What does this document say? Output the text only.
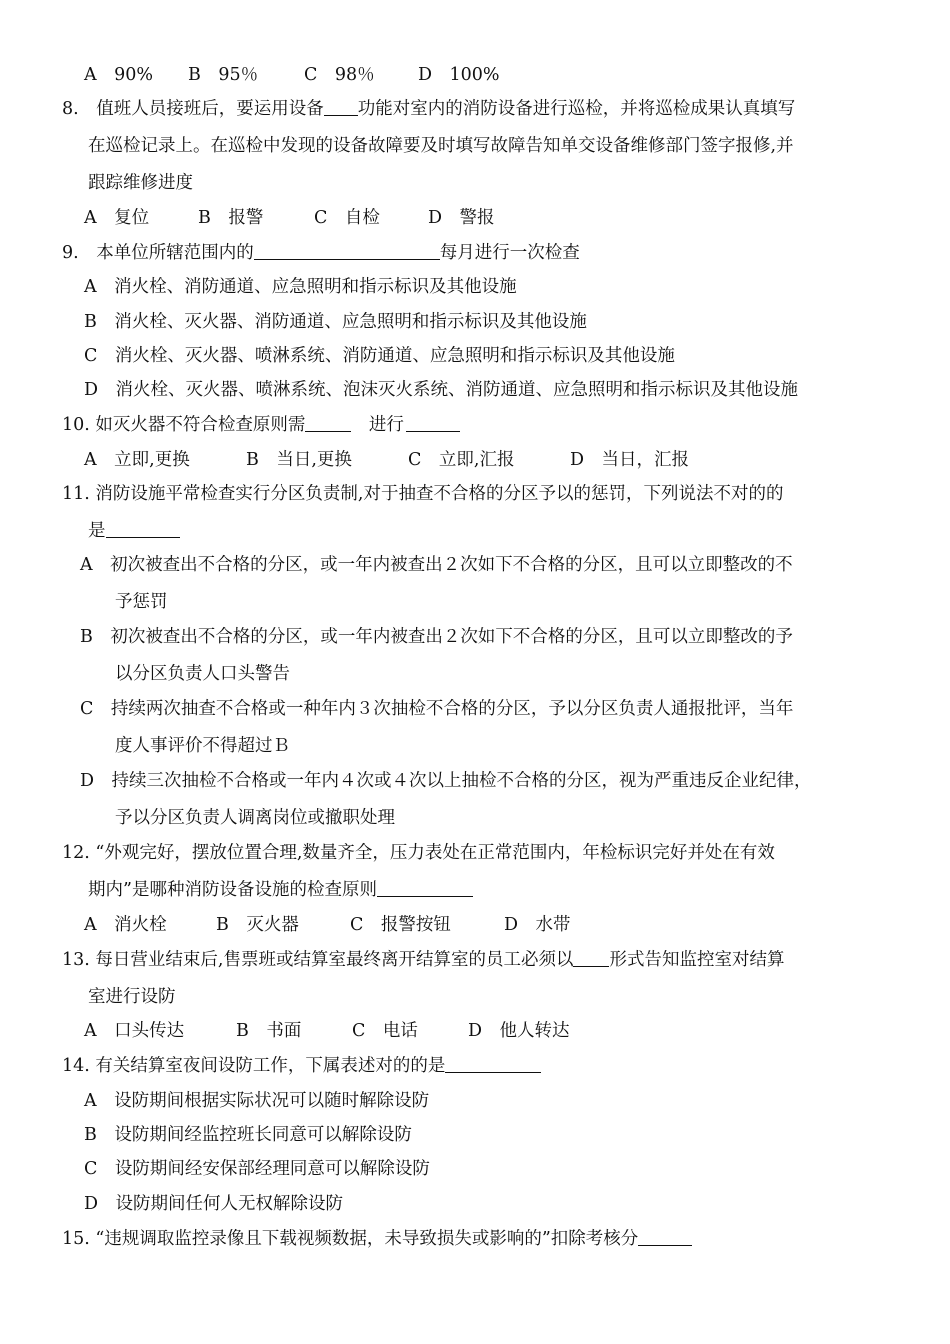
A　90% B　95％	C　98％ D　100%
8.　值班人员接班后，要运用设备 功能对室内的消防设备进行巡检，并将巡检成果认真填写
在巡检记录上。在巡检中发现的设备故障要及时填写故障告知单交设备维修部门签字报修,并
跟踪维修进度
A　复位	B　报警	C　自检	D　警报
9.　本单位所辖范围内的	每月进行一次检查
A　消火栓、消防通道、应急照明和指示标识及其他设施
B　消火栓、灭火器、消防通道、应急照明和指示标识及其他设施
C　消火栓、灭火器、喷淋系统、消防通道、应急照明和指示标识及其他设施
D　消火栓、灭火器、喷淋系统、泡沫灭火系统、消防通道、应急照明和指示标识及其他设施
10. 如灭火器不符合检查原则需	　进行
A　立即,更换	B　当日,更换	C　立即,汇报	D　当日，汇报
11. 消防设施平常检查实行分区负责制,对于抽查不合格的分区予以的惩罚，下列说法不对的的
是
A　初次被查出不合格的分区，或一年内被查出２次如下不合格的分区，且可以立即整改的不
予惩罚
B　初次被查出不合格的分区，或一年内被查出２次如下不合格的分区，且可以立即整改的予
以分区负责人口头警告
C　持续两次抽查不合格或一种年内３次抽检不合格的分区，予以分区负责人通报批评，当年
度人事评价不得超过Ｂ
D　持续三次抽检不合格或一年内４次或４次以上抽检不合格的分区，视为严重违反企业纪律，
予以分区负责人调离岗位或撤职处理
12. “外观完好，摆放位置合理,数量齐全，压力表处在正常范围内，年检标识完好并处在有效
期内”是哪种消防设备设施的检查原则
A　消火栓	B　灭火器	C　报警按钮	D　水带
13. 每日营业结束后,售票班或结算室最终离开结算室的员工必须以 形式告知监控室对结算
室进行设防
A　口头传达	B　书面	C　电话	D　他人转达
14. 有关结算室夜间设防工作，下属表述对的的是
A　设防期间根据实际状况可以随时解除设防
B　设防期间经监控班长同意可以解除设防
C　设防期间经安保部经理同意可以解除设防
D　设防期间任何人无权解除设防
15. “违规调取监控录像且下载视频数据，未导致损失或影响的”扣除考核分
